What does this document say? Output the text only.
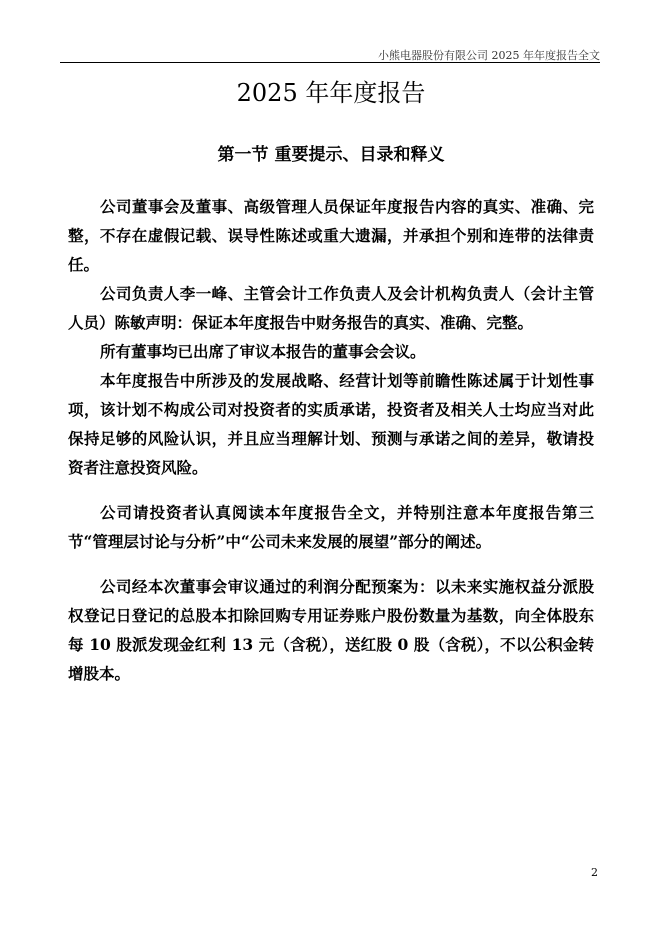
小熊电器股份有限公司 2025 年年度报告全文
2025 年年度报告
第一节 重要提示、目录和释义

公司董事会及董事、高级管理人员保证年度报告内容的真实、准确、完整，不存在虚假记载、误导性陈述或重大遗漏，并承担个别和连带的法律责任。

公司负责人李一峰、主管会计工作负责人及会计机构负责人（会计主管人员）陈敏声明：保证本年度报告中财务报告的真实、准确、完整。

所有董事均已出席了审议本报告的董事会会议。

本年度报告中所涉及的发展战略、经营计划等前瞻性陈述属于计划性事项，该计划不构成公司对投资者的实质承诺，投资者及相关人士均应当对此保持足够的风险认识，并且应当理解计划、预测与承诺之间的差异，敬请投资者注意投资风险。

公司请投资者认真阅读本年度报告全文，并特别注意本年度报告第三节“管理层讨论与分析”中“公司未来发展的展望”部分的阐述。

公司经本次董事会审议通过的利润分配预案为：以未来实施权益分派股权登记日登记的总股本扣除回购专用证券账户股份数量为基数，向全体股东每 10 股派发现金红利 13 元（含税），送红股 0 股（含税），不以公积金转增股本。

2
